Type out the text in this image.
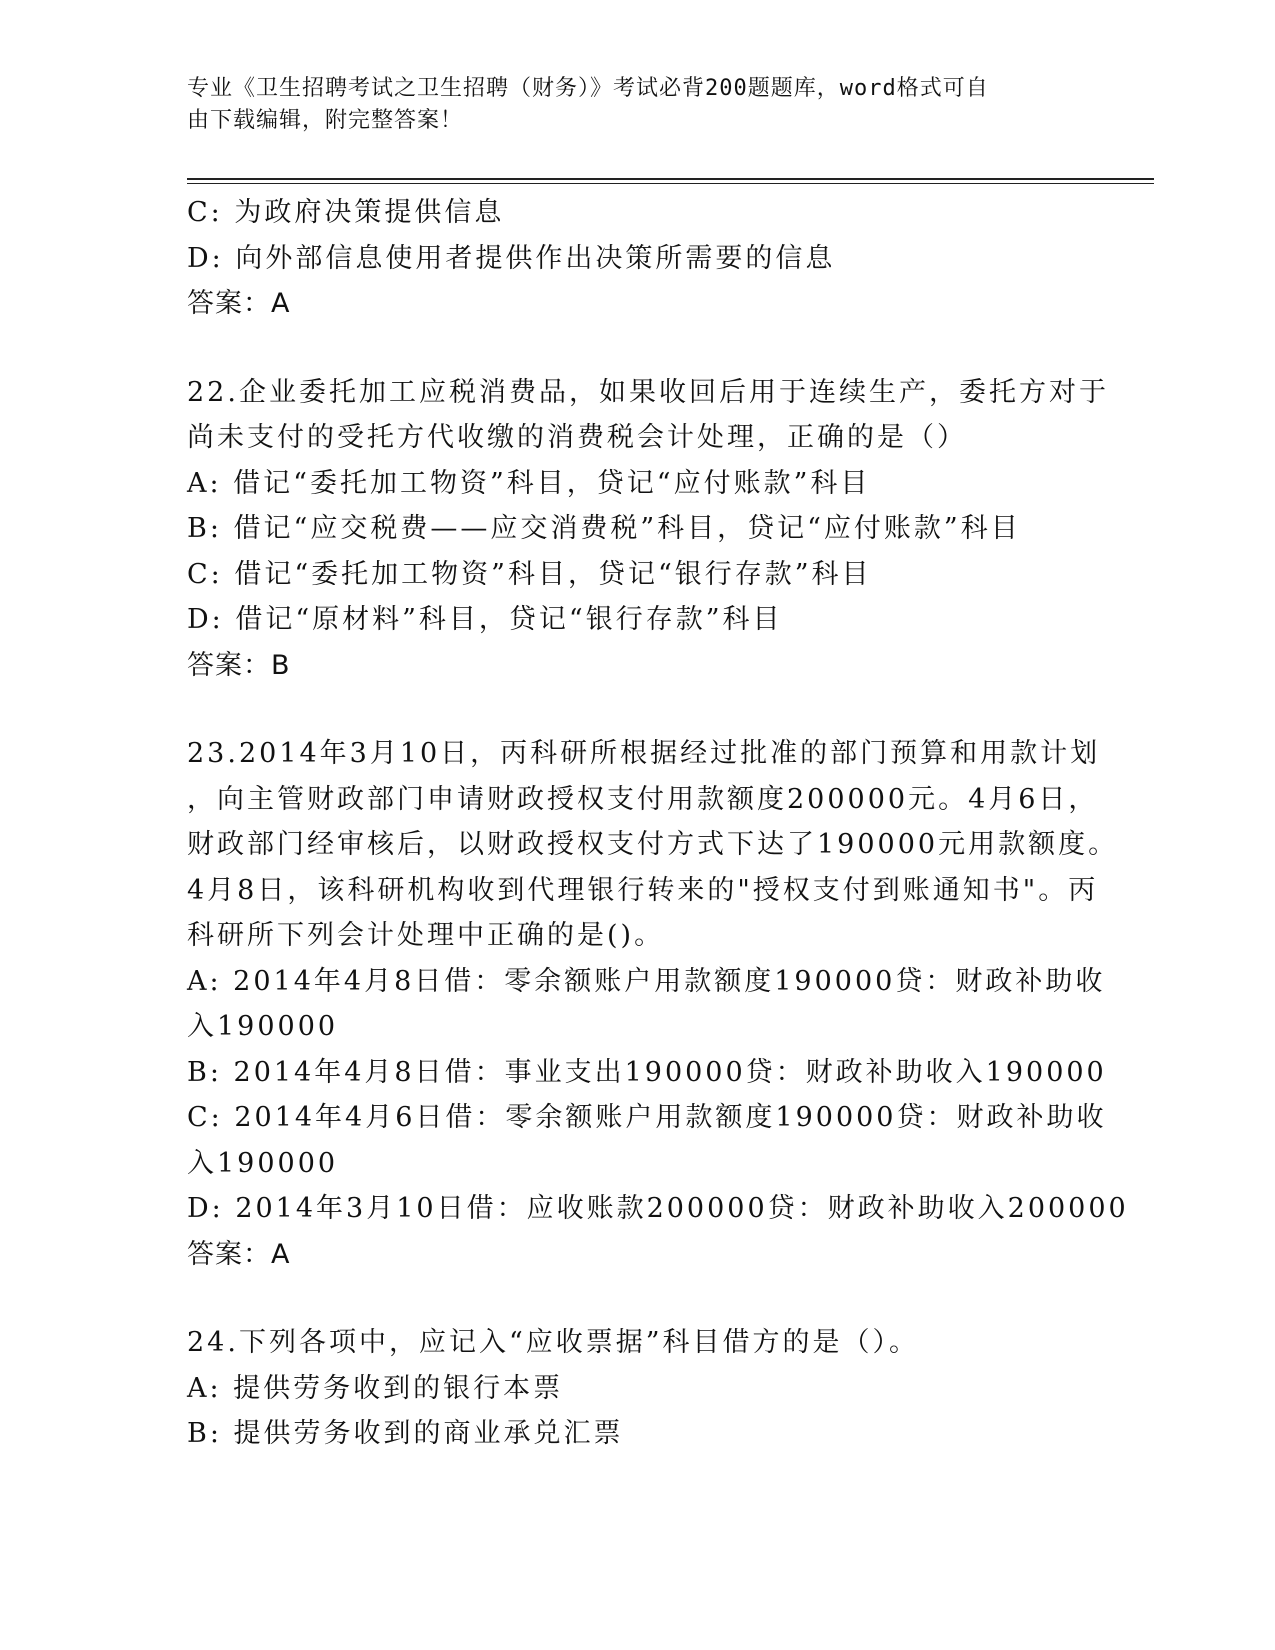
专业《卫生招聘考试之卫生招聘（财务）》考试必背200题题库，word格式可自
由下载编辑，附完整答案！
C: 为政府决策提供信息
D: 向外部信息使用者提供作出决策所需要的信息
答案：A
22.企业委托加工应税消费品，如果收回后用于连续生产，委托方对于
尚未支付的受托方代收缴的消费税会计处理，正确的是（）
A: 借记“委托加工物资”科目，贷记“应付账款”科目
B: 借记“应交税费——应交消费税”科目，贷记“应付账款”科目
C: 借记“委托加工物资”科目，贷记“银行存款”科目
D: 借记“原材料”科目，贷记“银行存款”科目
答案：B
23.2014年3月10日，丙科研所根据经过批准的部门预算和用款计划
，向主管财政部门申请财政授权支付用款额度200000元。4月6日，
财政部门经审核后，以财政授权支付方式下达了190000元用款额度。
4月8日，该科研机构收到代理银行转来的"授权支付到账通知书"。丙
科研所下列会计处理中正确的是()。
A: 2014年4月8日借：零余额账户用款额度190000贷：财政补助收
入190000
B: 2014年4月8日借：事业支出190000贷：财政补助收入190000
C: 2014年4月6日借：零余额账户用款额度190000贷：财政补助收
入190000
D: 2014年3月10日借：应收账款200000贷：财政补助收入200000
答案：A
24.下列各项中，应记入“应收票据”科目借方的是（）。
A: 提供劳务收到的银行本票
B: 提供劳务收到的商业承兑汇票
